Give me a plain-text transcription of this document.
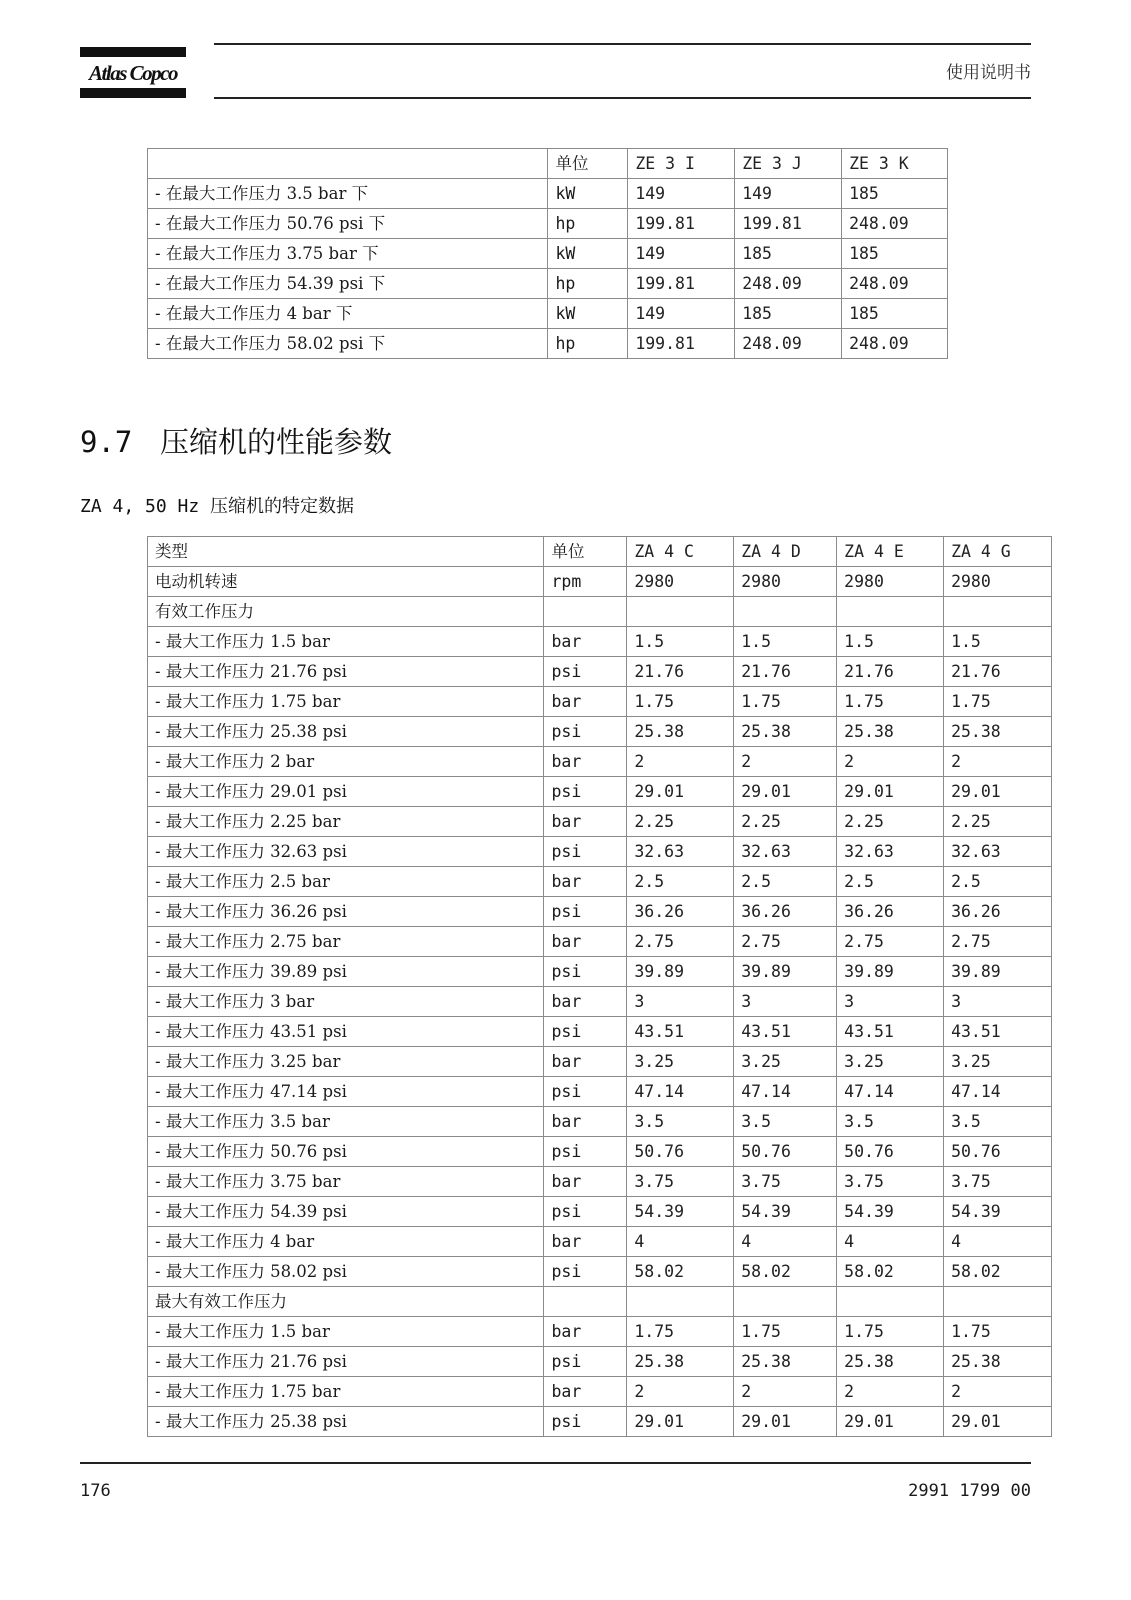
Atlas Copco	使用说明书
	单位	ZE 3 I	ZE 3 J	ZE 3 K
- 在最大工作压力 3.5 bar 下	kW	149	149	185
- 在最大工作压力 50.76 psi 下	hp	199.81	199.81	248.09
- 在最大工作压力 3.75 bar 下	kW	149	185	185
- 在最大工作压力 54.39 psi 下	hp	199.81	248.09	248.09
- 在最大工作压力 4 bar 下	kW	149	185	185
- 在最大工作压力 58.02 psi 下	hp	199.81	248.09	248.09
9.7 压缩机的性能参数
ZA 4, 50 Hz 压缩机的特定数据
类型	单位	ZA 4 C	ZA 4 D	ZA 4 E	ZA 4 G
电动机转速	rpm	2980	2980	2980	2980
有效工作压力					
- 最大工作压力 1.5 bar	bar	1.5	1.5	1.5	1.5
- 最大工作压力 21.76 psi	psi	21.76	21.76	21.76	21.76
- 最大工作压力 1.75 bar	bar	1.75	1.75	1.75	1.75
- 最大工作压力 25.38 psi	psi	25.38	25.38	25.38	25.38
- 最大工作压力 2 bar	bar	2	2	2	2
- 最大工作压力 29.01 psi	psi	29.01	29.01	29.01	29.01
- 最大工作压力 2.25 bar	bar	2.25	2.25	2.25	2.25
- 最大工作压力 32.63 psi	psi	32.63	32.63	32.63	32.63
- 最大工作压力 2.5 bar	bar	2.5	2.5	2.5	2.5
- 最大工作压力 36.26 psi	psi	36.26	36.26	36.26	36.26
- 最大工作压力 2.75 bar	bar	2.75	2.75	2.75	2.75
- 最大工作压力 39.89 psi	psi	39.89	39.89	39.89	39.89
- 最大工作压力 3 bar	bar	3	3	3	3
- 最大工作压力 43.51 psi	psi	43.51	43.51	43.51	43.51
- 最大工作压力 3.25 bar	bar	3.25	3.25	3.25	3.25
- 最大工作压力 47.14 psi	psi	47.14	47.14	47.14	47.14
- 最大工作压力 3.5 bar	bar	3.5	3.5	3.5	3.5
- 最大工作压力 50.76 psi	psi	50.76	50.76	50.76	50.76
- 最大工作压力 3.75 bar	bar	3.75	3.75	3.75	3.75
- 最大工作压力 54.39 psi	psi	54.39	54.39	54.39	54.39
- 最大工作压力 4 bar	bar	4	4	4	4
- 最大工作压力 58.02 psi	psi	58.02	58.02	58.02	58.02
最大有效工作压力					
- 最大工作压力 1.5 bar	bar	1.75	1.75	1.75	1.75
- 最大工作压力 21.76 psi	psi	25.38	25.38	25.38	25.38
- 最大工作压力 1.75 bar	bar	2	2	2	2
- 最大工作压力 25.38 psi	psi	29.01	29.01	29.01	29.01
176	2991 1799 00
